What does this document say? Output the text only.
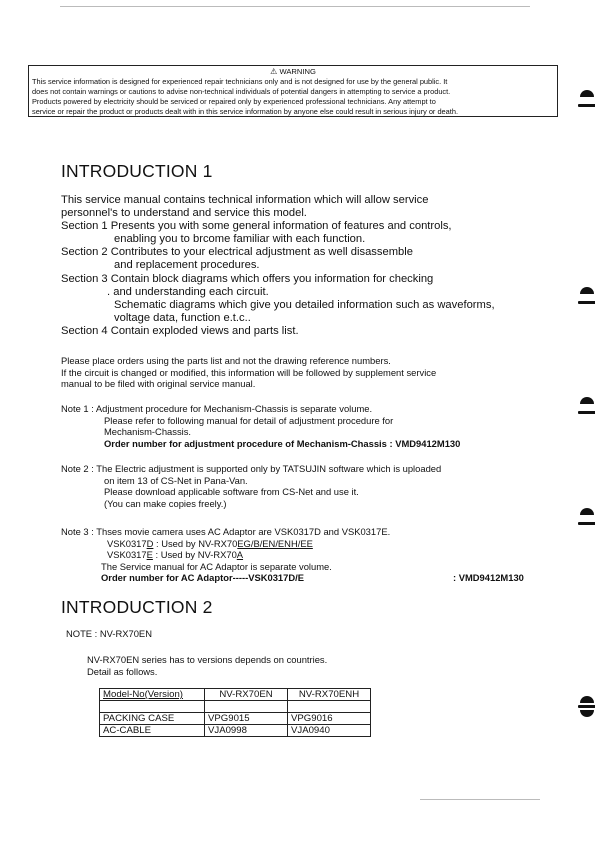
⚠ WARNING
This service information is designed for experienced repair technicians only and is not designed for use by the general public. It
does not contain warnings or cautions to advise non-technical individuals of potential dangers in attempting to service a product.
Products powered by electricity should be serviced or repaired only by experienced professional technicians. Any attempt to
service or repair the product or products dealt with in this service information by anyone else could result in serious injury or death.
INTRODUCTION 1
This service manual contains technical information which will allow service
personnel's to understand and service this model.
Section 1 Presents you with some general information of features and controls,
enabling you to brcome familiar with each function.
Section 2 Contributes to your electrical adjustment as well disassemble
and replacement procedures.
Section 3 Contain block diagrams which offers you information for checking
. and understanding each circuit.
Schematic diagrams which give you detailed information such as waveforms,
voltage data, function e.t.c..
Section 4 Contain exploded views and parts list.
Please place orders using the parts list and not the drawing reference numbers.
If the circuit is changed or modified, this information will be followed by supplement service
manual to be filed with original service manual.
Note 1 : Adjustment procedure for Mechanism-Chassis is separate volume.
Please refer to following manual for detail of adjustment procedure for
Mechanism-Chassis.
Order number for adjustment procedure of Mechanism-Chassis : VMD9412M130
Note 2 : The Electric adjustment is supported only by TATSUJIN software which is uploaded
on item 13 of CS-Net in Pana-Van.
Please download applicable software from CS-Net and use it.
(You can make copies freely.)
Note 3 : Thses movie camera uses AC Adaptor are VSK0317D and VSK0317E.
VSK0317D : Used by NV-RX70EG/B/EN/ENH/EE
VSK0317E : Used by NV-RX70A
The Service manual for AC Adaptor is separate volume.
Order number for AC Adaptor-----VSK0317D/E	: VMD9412M130
INTRODUCTION 2
NOTE : NV-RX70EN
NV-RX70EN series has to versions depends on countries.
Detail as follows.
Model-No(Version)	NV-RX70EN	NV-RX70ENH

PACKING CASE	VPG9015	VPG9016
AC-CABLE	VJA0998	VJA0940
